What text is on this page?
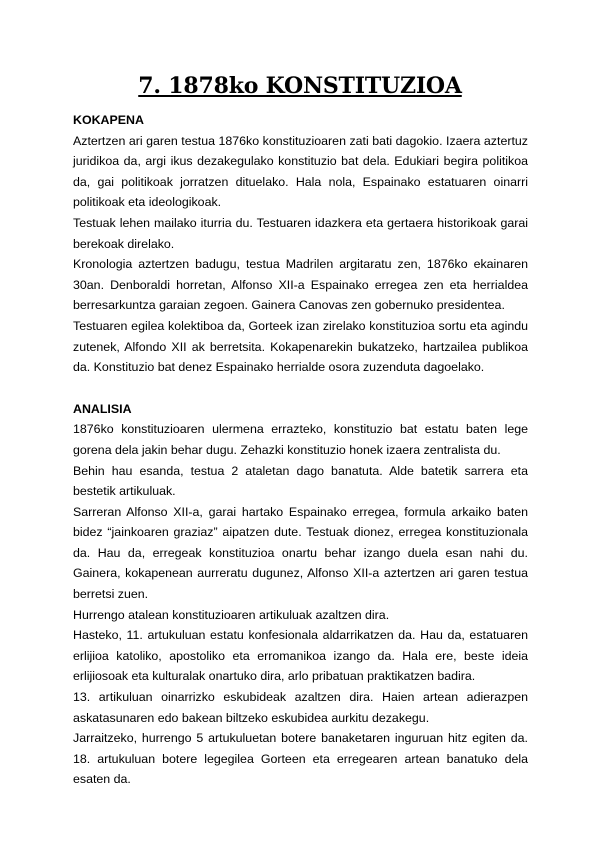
7. 1878ko KONSTITUZIOA

KOKAPENA

Aztertzen ari garen testua 1876ko konstituzioaren zati bati dagokio. Izaera aztertuz juridikoa da, argi ikus dezakegulako konstituzio bat dela. Edukiari begira politikoa da, gai politikoak jorratzen dituelako. Hala nola, Espainako estatuaren oinarri politikoak eta ideologikoak.

Testuak lehen mailako iturria du. Testuaren idazkera eta gertaera historikoak garai berekoak direlako.

Kronologia aztertzen badugu, testua Madrilen argitaratu zen, 1876ko ekainaren 30an. Denboraldi horretan, Alfonso XII-a Espainako erregea zen eta herrialdea berresarkuntza garaian zegoen. Gainera Canovas zen gobernuko presidentea.

Testuaren egilea kolektiboa da, Gorteek izan zirelako konstituzioa sortu eta agindu zutenek, Alfondo XII ak berretsita. Kokapenarekin bukatzeko, hartzailea publikoa da. Konstituzio bat denez Espainako herrialde osora zuzenduta dagoelako.

ANALISIA

1876ko konstituzioaren ulermena errazteko, konstituzio bat estatu baten lege gorena dela jakin behar dugu. Zehazki konstituzio honek izaera zentralista du.

Behin hau esanda, testua 2 ataletan dago banatuta. Alde batetik sarrera eta bestetik artikuluak.

Sarreran Alfonso XII-a, garai hartako Espainako erregea, formula arkaiko baten bidez “jainkoaren graziaz” aipatzen dute. Testuak dionez, erregea konstituzionala da. Hau da, erregeak konstituzioa onartu behar izango duela esan nahi du. Gainera, kokapenean aurreratu dugunez, Alfonso XII-a aztertzen ari garen testua berretsi zuen.

Hurrengo atalean konstituzioaren artikuluak azaltzen dira.

Hasteko, 11. artukuluan estatu konfesionala aldarrikatzen da. Hau da, estatuaren erlijioa katoliko, apostoliko eta erromanikoa izango da. Hala ere, beste ideia erlijiosoak eta kulturalak onartuko dira, arlo pribatuan praktikatzen badira.

13. artikuluan oinarrizko eskubideak azaltzen dira. Haien artean adierazpen askatasunaren edo bakean biltzeko eskubidea aurkitu dezakegu.

Jarraitzeko, hurrengo 5 artukuluetan botere banaketaren inguruan hitz egiten da. 18. artukuluan botere legegilea Gorteen eta erregearen artean banatuko dela esaten da.
